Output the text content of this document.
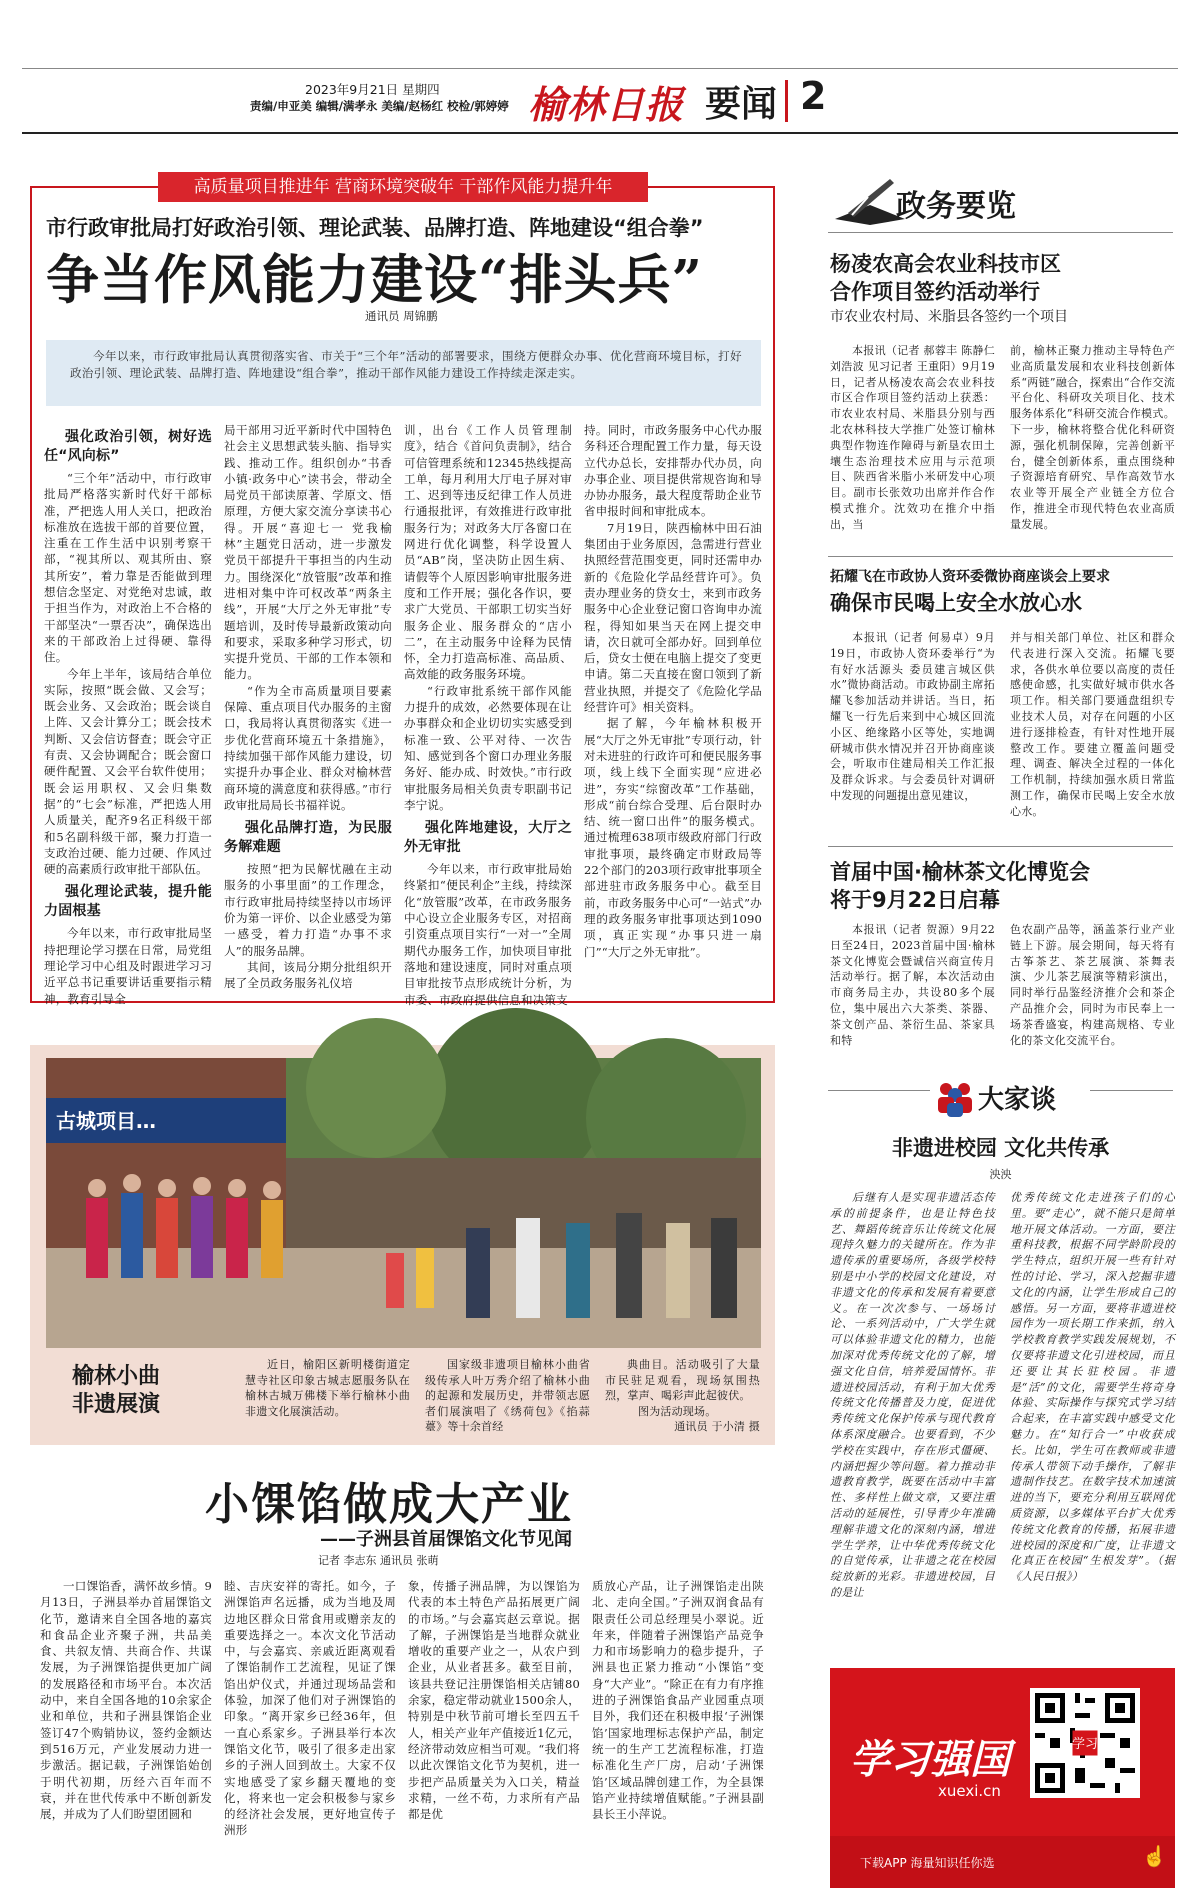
2023年9月21日 星期四
责编/申亚美 编辑/满孝永 美编/赵杨红 校检/郭婷婷 榆林日报 要闻 2
高质量项目推进年 营商环境突破年 干部作风能力提升年
市行政审批局打好政治引领、理论武装、品牌打造、阵地建设“组合拳”
争当作风能力建设“排头兵”
通讯员 周锦鹏
今年以来，市行政审批局认真贯彻落实省、市关于“三个年”活动的部署要求，围绕方便群众办事、优化营商环境目标，打好政治引领、理论武装、品牌打造、阵地建设“组合拳”，推动干部作风能力建设工作持续走深走实。
强化政治引领，树好选任“风向标”

“三个年”活动中，市行政审批局严格落实新时代好干部标准，严把选人用人关口，把政治标准放在选拔干部的首要位置，注重在工作生活中识别考察干部，“视其所以、观其所由、察其所安”，着力靠是否能做到理想信念坚定、对党绝对忠诚，敢于担当作为，对政治上不合格的干部坚决“一票否决”，确保选出来的干部政治上过得硬、靠得住。

今年上半年，该局结合单位实际，按照“既会做、又会写；既会业务、又会政治；既会谈自上阵、又会计算分工；既会技术判断、又会信访督查；既会守正有责、又会协调配合；既会窗口硬件配置、又会平台软件使用；既会运用职权、又会归集数据”的“七会”标准，严把选人用人质量关，配齐9名正科级干部和5名副科级干部，聚力打造一支政治过硬、能力过硬、作风过硬的高素质行政审批干部队伍。

强化理论武装，提升能力固根基

今年以来，市行政审批局坚持把理论学习摆在日常，局党组理论学习中心组及时跟进学习习近平总书记重要讲话重要指示精神，教育引导全

局干部用习近平新时代中国特色社会主义思想武装头脑、指导实践、推动工作。组织创办“书香小镇·政务中心”读书会，带动全局党员干部读原著、学原文、悟原理，方便大家交流分享读书心得。开展“喜迎七一 党我榆林”主题党日活动，进一步激发党员干部提升干事担当的内生动力。围绕深化“放管服”改革和推进相对集中许可权改革“两条主线”，开展“大厅之外无审批”专题培训，及时传导最新政策动向和要求，采取多种学习形式，切实提升党员、干部的工作本领和能力。

“作为全市高质量项目要素保障、重点项目代办服务的主窗口，我局将认真贯彻落实《进一步优化营商环境五十条措施》，持续加强干部作风能力建设，切实提升办事企业、群众对榆林营商环境的满意度和获得感。”市行政审批局局长书福祥说。

强化品牌打造，为民服务解难题

按照“把为民解忧融在主动服务的小事里面”的工作理念，市行政审批局持续坚持以市场评价为第一评价、以企业感受为第一感受，着力打造“办事不求人”的服务品牌。

其间，该局分期分批组织开展了全员政务服务礼仪培

训，出台《工作人员管理制度》，结合《首问负责制》，结合可信管理系统和12345热线提高工单，每月利用大厅电子屏对审工、迟到等违反纪律工作人员进行通报批评，有效推进行政审批服务行为；对政务大厅各窗口在网进行优化调整，科学设置人员“AB”岗，坚决防止因生病、请假等个人原因影响审批服务进度和工作开展；强化各作识，要求广大党员、干部职工切实当好服务企业、服务群众的“店小二”，在主动服务中诠释为民情怀，全力打造高标准、高品质、高效能的政务服务环境。

“行政审批系统干部作风能力提升的成效，必然要体现在让办事群众和企业切切实实感受到标准一致、公平对待、一次告知、感觉到各个窗口办理业务服务好、能办成、时效快。”市行政审批服务局相关负责专职副书记李宁说。

强化阵地建设，大厅之外无审批

今年以来，市行政审批局始终紧扣“便民利企”主线，持续深化“放管服”改革，在市政务服务中心设立企业服务专区，对招商引资重点项目实行“一对一”全周期代办服务工作，加快项目审批落地和建设速度，同时对重点项目审批按节点形成统计分析，为市委、市政府提供信息和决策支

持。同时，市政务服务中心代办服务科还合理配置工作力量，每天设立代办总长，安排帮办代办员，向办事企业、项目提供常规咨询和导办协办服务，最大程度帮助企业节省申报时间和审批成本。

7月19日，陕西榆林中田石油集团由于业务原因，急需进行营业执照经营范围变更，同时还需申办新的《危险化学品经营许可》。负责办理业务的贷女士，来到市政务服务中心企业登记窗口咨询申办流程，得知如果当天在网上提交申请，次日就可全部办好。回到单位后，贷女士便在电脑上提交了变更申请。第二天直接在窗口领到了新营业执照，并提交了《危险化学品经营许可》相关资料。

据了解，今年榆林积极开展“大厅之外无审批”专项行动，针对未进驻的行政许可和便民服务事项，线上线下全面实现“应进必进”，夯实“综窗改革”工作基础，形成“前台综合受理、后台限时办结、统一窗口出件”的服务模式。通过梳理638项市级政府部门行政审批事项，最终确定市财政局等22个部门的203项行政审批事项全部进驻市政务服务中心。截至目前，市政务服务中心可“一站式”办理的政务服务审批事项达到1090项，真正实现“办事只进一扇门”“大厅之外无审批”。

古城项目…
榆林小曲
非遗展演

近日，榆阳区新明楼街道定慧寺社区印象古城志愿服务队在榆林古城万佛楼下举行榆林小曲非遗文化展演活动。

国家级非遗项目榆林小曲省级传承人叶万秀介绍了榆林小曲的起源和发展历史，并带领志愿者们展演唱了《绣荷包》《掐蒜薹》等十余首经

典曲目。活动吸引了大量市民驻足观看，现场氛围热烈，掌声、喝彩声此起彼伏。

图为活动现场。

通讯员 于小清 摄

小馃馅做成大产业
——子洲县首届馃馅文化节见闻
记者 李志东 通讯员 张萌

一口馃馅香，满怀故乡情。9月13日，子洲县举办首届馃馅文化节，邀请来自全国各地的嘉宾和食品企业齐聚子洲，共品美食、共叙友情、共商合作、共谋发展，为子洲馃馅提供更加广阔的发展路径和市场平台。本次活动中，来自全国各地的10余家企业和单位，共和子洲县馃馅企业签订47个购销协议，签约金额达到516万元，产业发展动力进一步激活。据记载，子洲馃馅始创于明代初期，历经六百年而不衰，并在世代传承中不断创新发展，并成为了人们盼望团圆和

睦、吉庆安祥的寄托。如今，子洲馃馅声名远播，成为当地及周边地区群众日常食用或赠亲友的重要选择之一。本次文化节活动中，与会嘉宾、亲戚近距离观看了馃馅制作工艺流程，见证了馃馅出炉仪式，并通过现场品尝和体验，加深了他们对子洲馃馅的印象。“离开家乡已经36年，但一直心系家乡。子洲县举行本次馃馅文化节，吸引了很多走出家乡的子洲人回到故土。大家不仅实地感受了家乡翻天覆地的变化，将来也一定会积极参与家乡的经济社会发展，更好地宣传子洲形

象，传播子洲品牌，为以馃馅为代表的本土特色产品拓展更广阔的市场。”与会嘉宾赵云章说。据了解，子洲馃馅是当地群众就业增收的重要产业之一，从农户到企业，从业者甚多。截至目前，该县共登记注册馃馅相关店铺80余家，稳定带动就业1500余人，特别是中秋节前可增长至四五千人，相关产业年产值接近1亿元，经济带动效应相当可观。“我们将以此次馃馅文化节为契机，进一步把产品质量关为入口关，精益求精，一丝不苟，力求所有产品都是优

质放心产品，让子洲馃馅走出陕北、走向全国。”子洲双润食品有限责任公司总经理吴小翠说。近年来，伴随着子洲馃馅产品竞争力和市场影响力的稳步提升，子洲县也正紧力推动“小馃馅”变身“大产业”。“除正在有力有序推进的子洲馃馅食品产业园重点项目外，我们还在积极申报‘子洲馃馅’国家地理标志保护产品，制定统一的生产工艺流程标准，打造标准化生产厂房，启动‘子洲馃馅’区域品牌创建工作，为全县馃馅产业持续增值赋能。”子洲县副县长王小萍说。

政务要览
杨凌农高会农业科技市区
合作项目签约活动举行
市农业农村局、米脂县各签约一个项目

本报讯（记者 郝蓉丰 陈静仁 刘浩波 见习记者 王重阳）9月19日，记者从杨凌农高会农业科技市区合作项目签约活动上获悉：市农业农村局、米脂县分别与西北农林科技大学推广处签订榆林典型作物连作障碍与新垦农田土壤生态治理技术应用与示范项目、陕西省米脂小米研发中心项目。副市长张效功出席并作合作模式推介。沈效功在推介中指出，当

前，榆林正聚力推动主导特色产业高质量发展和农业科技创新体系“两链”融合，探索出“合作交流平台化、科研攻关项目化、技术服务体系化”科研交流合作模式。下一步，榆林将整合优化科研资源，强化机制保障，完善创新平台，健全创新体系，重点围绕种子资源培育研究、旱作高效节水农业等开展全产业链全方位合作，推进全市现代特色农业高质量发展。

拓耀飞在市政协人资环委微协商座谈会上要求
确保市民喝上安全水放心水

本报讯（记者 何易卓）9月19日，市政协人资环委举行“为有好水活源头 委员建言城区供水”微协商活动。市政协副主席拓耀飞参加活动并讲话。当日，拓耀飞一行先后来到中心城区回流小区、绝缘路小区等处，实地调研城市供水情况并召开协商座谈会，听取市住建局相关工作汇报及群众诉求。与会委员针对调研中发现的问题提出意见建议，

并与相关部门单位、社区和群众代表进行深入交流。拓耀飞要求，各供水单位要以高度的责任感使命感，扎实做好城市供水各项工作。相关部门要通盘组织专业技术人员，对存在问题的小区进行逐排检查，有针对性地开展整改工作。要建立覆盖问题受理、调查、解决全过程的一体化工作机制，持续加强水质日常监测工作，确保市民喝上安全水放心水。

首届中国·榆林茶文化博览会
将于9月22日启幕

本报讯（记者 贺源）9月22日至24日，2023首届中国·榆林茶文化博览会暨诚信兴商宣传月活动举行。据了解，本次活动由市商务局主办，共设80多个展位，集中展出六大茶类、茶器、茶文创产品、茶衍生品、茶家具和特

色农副产品等，涵盖茶行业产业链上下游。展会期间，每天将有古筝茶艺、茶艺展演、茶舞表演、少儿茶艺展演等精彩演出，同时举行品鉴经济推介会和茶企产品推介会，同时为市民奉上一场茶香盛宴，构建高规格、专业化的茶文化交流平台。

大家谈
非遗进校园 文化共传承
泱泱

后继有人是实现非遗活态传承的前提条件，也是让特色技艺、舞蹈传统音乐让传统文化展现持久魅力的关键所在。作为非遗传承的重要场所，各级学校特别是中小学的校园文化建设，对非遗文化的传承和发展有着要意义。在一次次参与、一场场讨论、一系列活动中，广大学生就可以体验非遗文化的精力，也能加深对优秀传统文化的了解，增强文化自信，培养爱国情怀。非遗进校园活动，有利于加大优秀传统文化传播普及力度，促进优秀传统文化保护传承与现代教育体系深度融合。也要看到，不少学校在实践中，存在形式僵硬、内涵把握少等问题。着力推动非遗教育教学，既要在活动中丰富性、多样性上做文章，又要注重活动的延展性，引导青少年准确理解非遗文化的深刻内涵，增进学生学养，让中华优秀传统文化的自觉传承，让非遗之花在校园绽放新的光彩。非遗进校园，目的是让

优秀传统文化走进孩子们的心里。要“走心”，就不能只是简单地开展文体活动。一方面，要注重科技教，根据不同学龄阶段的学生特点，组织开展一些有针对性的讨论、学习，深入挖掘非遗文化的内涵，让学生形成自己的感悟。另一方面，要将非遗进校园作为一项长期工作来抓，纳入学校教育教学实践发展规划，不仅要将非遗文化引进校园，而且还要让其长驻校园。非遗是“活”的文化，需要学生将奇身体验、实际操作与探究式学习结合起来，在丰富实践中感受文化魅力。在“知行合一”中收获成长。比如，学生可在教师或非遗传承人带领下动手操作，了解非遗制作技艺。在数字技术加速演进的当下，要充分利用互联网优质资源，以多媒体平台扩大优秀传统文化教育的传播，拓展非遗进校园的深度和广度，让非遗文化真正在校园“生根发芽”。（据《人民日报》）

学习强国
xuexi.cn
下载APP 海量知识任你选
学习
☝
